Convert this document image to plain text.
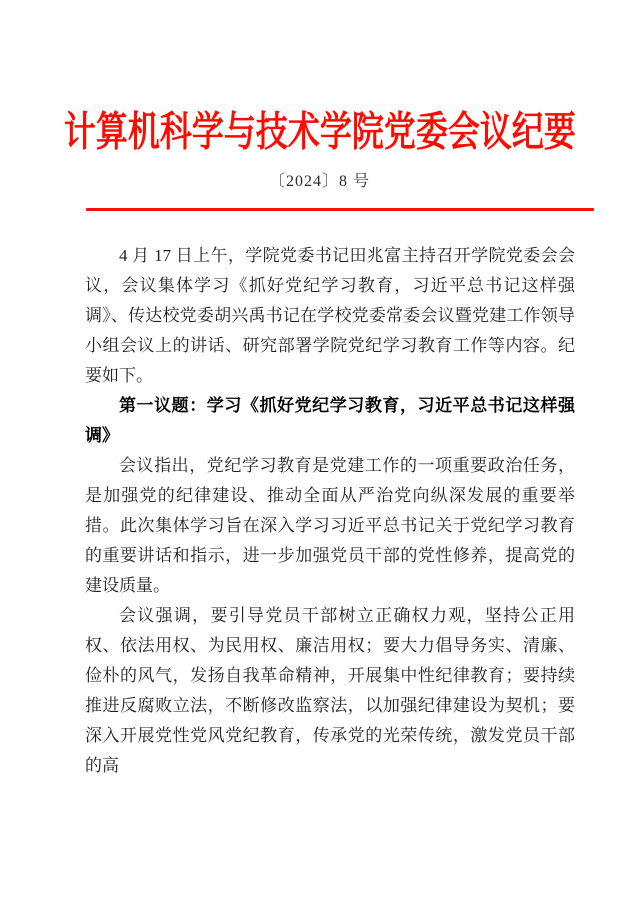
计算机科学与技术学院党委会议纪要
〔2024〕8 号

4 月 17 日上午，学院党委书记田兆富主持召开学院党委会会议，会议集体学习《抓好党纪学习教育，习近平总书记这样强调》、传达校党委胡兴禹书记在学校党委常委会议暨党建工作领导小组会议上的讲话、研究部署学院党纪学习教育工作等内容。纪要如下。

第一议题：学习《抓好党纪学习教育，习近平总书记这样强调》

会议指出，党纪学习教育是党建工作的一项重要政治任务，是加强党的纪律建设、推动全面从严治党向纵深发展的重要举措。此次集体学习旨在深入学习习近平总书记关于党纪学习教育的重要讲话和指示，进一步加强党员干部的党性修养，提高党的建设质量。

会议强调，要引导党员干部树立正确权力观，坚持公正用权、依法用权、为民用权、廉洁用权；要大力倡导务实、清廉、俭朴的风气，发扬自我革命精神，开展集中性纪律教育；要持续推进反腐败立法，不断修改监察法，以加强纪律建设为契机；要深入开展党性党风党纪教育，传承党的光荣传统，激发党员干部的高
